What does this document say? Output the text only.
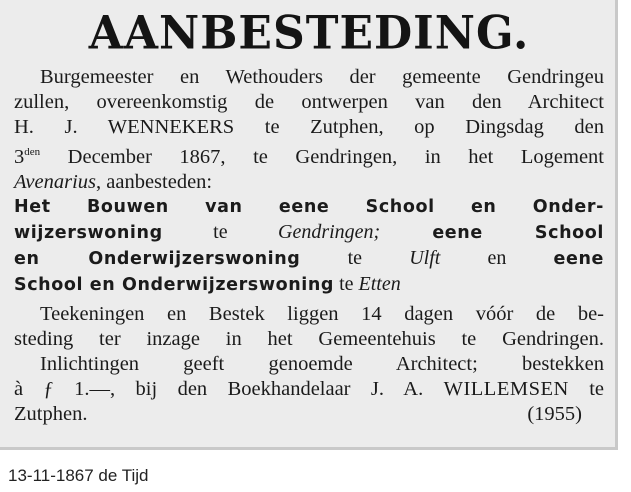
AANBESTEDING.
Burgemeester en Wethouders der gemeente Gendringeu
zullen, overeenkomstig de ontwerpen van den Architect
H. J. WENNEKERS te Zutphen, op Dingsdag den
$3^{den}$ December 1867, te Gendringen, in het Logement
Avenarius, aanbesteden:
Het Bouwen van eene School en Onder-
wijzerswoning te Gendringen; eene School
en Onderwijzerswoning te Ulft en eene
School en Onderwijzerswoning te Etten
Teekeningen en Bestek liggen 14 dagen vóór de be-
steding ter inzage in het Gemeentehuis te Gendringen.
Inlichtingen geeft genoemde Architect; bestekken
à ƒ 1.—, bij den Boekhandelaar J. A. WILLEMSEN te
Zutphen.	(1955)
13-11-1867 de Tijd
